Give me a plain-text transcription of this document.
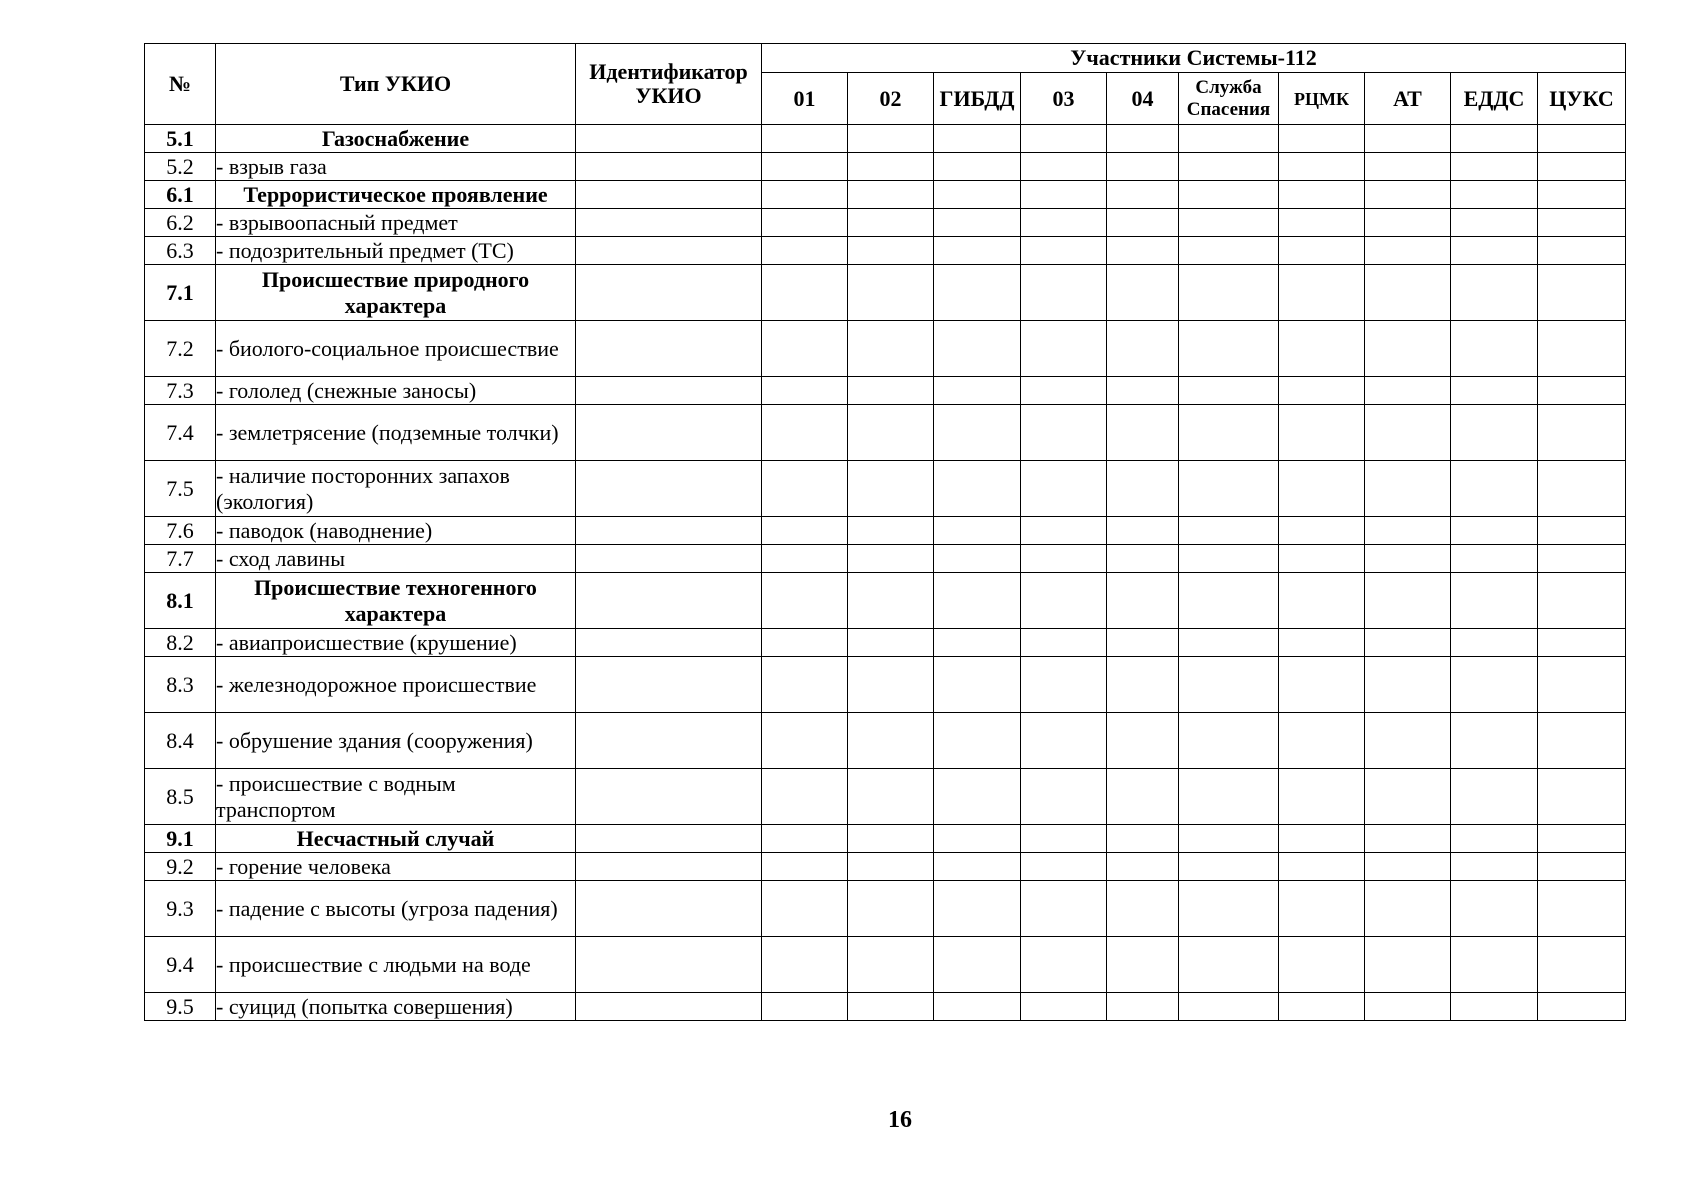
№	Тип УКИО	Идентификатор УКИО	Участники Системы-112									
			01	02	ГИБДД	03	04	Служба Спасения	РЦМК	АТ	ЕДДС	ЦУКС
5.1	Газоснабжение											
5.2	- взрыв газа											
6.1	Террористическое проявление											
6.2	- взрывоопасный предмет											
6.3	- подозрительный предмет (ТС)											
7.1	Происшествие природного характера											
7.2	- биолого-социальное происшествие											
7.3	- гололед (снежные заносы)											
7.4	- землетрясение (подземные толчки)											
7.5	- наличие посторонних запахов (экология)											
7.6	- паводок (наводнение)											
7.7	- сход лавины											
8.1	Происшествие техногенного характера											
8.2	- авиапроисшествие (крушение)											
8.3	- железнодорожное происшествие											
8.4	- обрушение здания (сооружения)											
8.5	- происшествие с водным транспортом											
9.1	Несчастный случай											
9.2	- горение человека											
9.3	- падение с высоты (угроза падения)											
9.4	- происшествие с людьми на воде											
9.5	- суицид (попытка совершения)											
16
